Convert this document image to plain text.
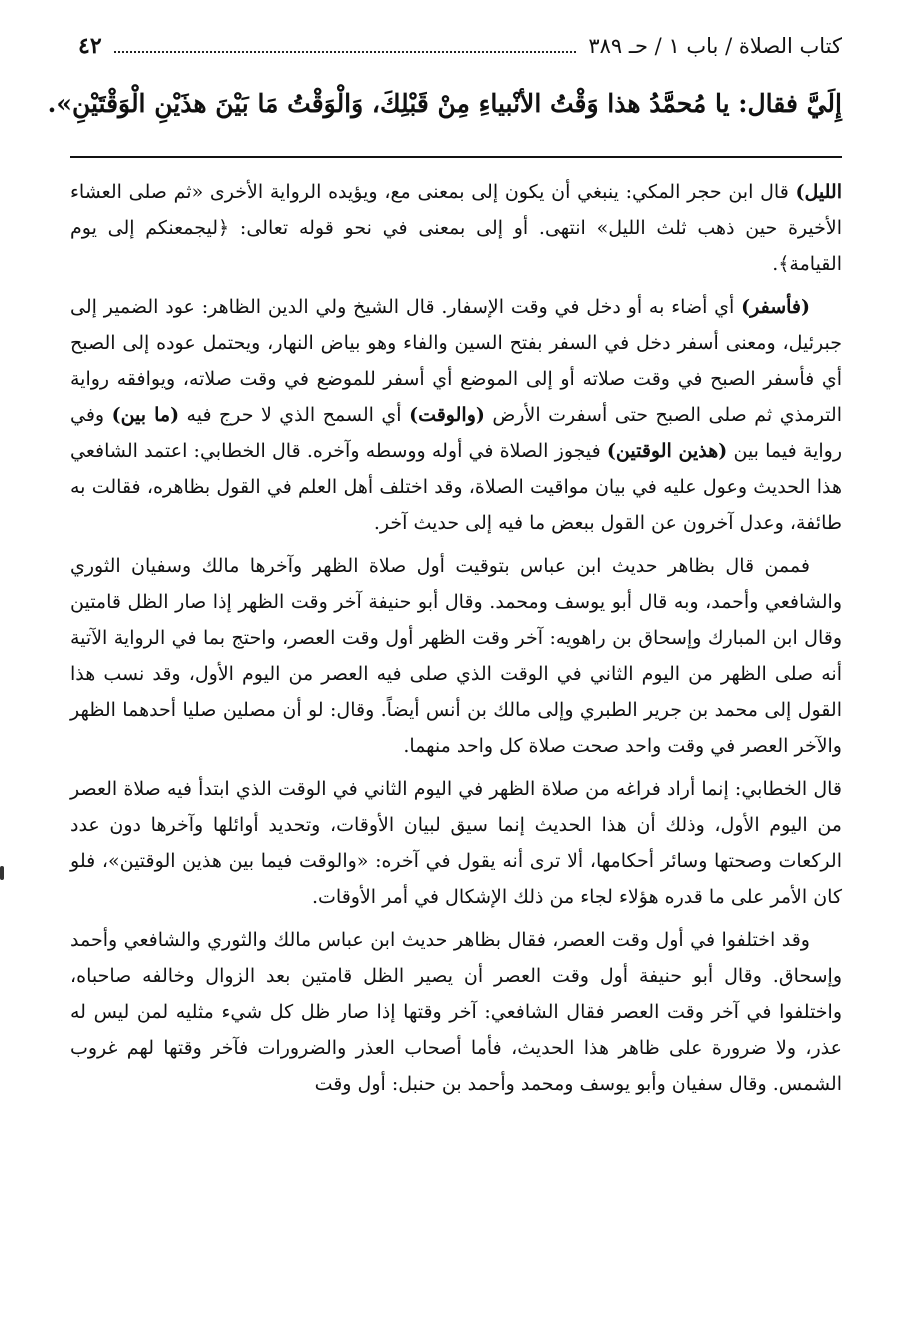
كتاب الصلاة / باب ١ / حـ ٣٨٩
٤٢
إِلَيَّ فقال: يا مُحمَّدُ هذا وَقْتُ الأنْبياءِ مِنْ قَبْلِكَ، وَالْوَقْتُ مَا بَيْنَ هذَيْنِ الْوَقْتَيْنِ».

الليل) قال ابن حجر المكي: ينبغي أن يكون إلى بمعنى مع، ويؤيده الرواية الأخرى «ثم صلى العشاء الأخيرة حين ذهب ثلث الليل» انتهى. أو إلى بمعنى في نحو قوله تعالى: ﴿ليجمعنكم إلى يوم القيامة﴾.

(فأسفر) أي أضاء به أو دخل في وقت الإسفار. قال الشيخ ولي الدين الظاهر: عود الضمير إلى جبرئيل، ومعنى أسفر دخل في السفر بفتح السين والفاء وهو بياض النهار، ويحتمل عوده إلى الصبح أي فأسفر الصبح في وقت صلاته أو إلى الموضع أي أسفر للموضع في وقت صلاته، ويوافقه رواية الترمذي ثم صلى الصبح حتى أسفرت الأرض (والوقت) أي السمح الذي لا حرج فيه (ما بين) وفي رواية فيما بين (هذين الوقتين) فيجوز الصلاة في أوله ووسطه وآخره. قال الخطابي: اعتمد الشافعي هذا الحديث وعول عليه في بيان مواقيت الصلاة، وقد اختلف أهل العلم في القول بظاهره، فقالت به طائفة، وعدل آخرون عن القول ببعض ما فيه إلى حديث آخر.

فممن قال بظاهر حديث ابن عباس بتوقيت أول صلاة الظهر وآخرها مالك وسفيان الثوري والشافعي وأحمد، وبه قال أبو يوسف ومحمد. وقال أبو حنيفة آخر وقت الظهر إذا صار الظل قامتين وقال ابن المبارك وإسحاق بن راهويه: آخر وقت الظهر أول وقت العصر، واحتج بما في الرواية الآتية أنه صلى الظهر من اليوم الثاني في الوقت الذي صلى فيه العصر من اليوم الأول، وقد نسب هذا القول إلى محمد بن جرير الطبري وإلى مالك بن أنس أيضاً. وقال: لو أن مصلين صليا أحدهما الظهر والآخر العصر في وقت واحد صحت صلاة كل واحد منهما.

قال الخطابي: إنما أراد فراغه من صلاة الظهر في اليوم الثاني في الوقت الذي ابتدأ فيه صلاة العصر من اليوم الأول، وذلك أن هذا الحديث إنما سيق لبيان الأوقات، وتحديد أوائلها وآخرها دون عدد الركعات وصحتها وسائر أحكامها، ألا ترى أنه يقول في آخره: «والوقت فيما بين هذين الوقتين»، فلو كان الأمر على ما قدره هؤلاء لجاء من ذلك الإشكال في أمر الأوقات.

وقد اختلفوا في أول وقت العصر، فقال بظاهر حديث ابن عباس مالك والثوري والشافعي وأحمد وإسحاق. وقال أبو حنيفة أول وقت العصر أن يصير الظل قامتين بعد الزوال وخالفه صاحباه، واختلفوا في آخر وقت العصر فقال الشافعي: آخر وقتها إذا صار ظل كل شيء مثليه لمن ليس له عذر، ولا ضرورة على ظاهر هذا الحديث، فأما أصحاب العذر والضرورات فآخر وقتها لهم غروب الشمس. وقال سفيان وأبو يوسف ومحمد وأحمد بن حنبل: أول وقت
